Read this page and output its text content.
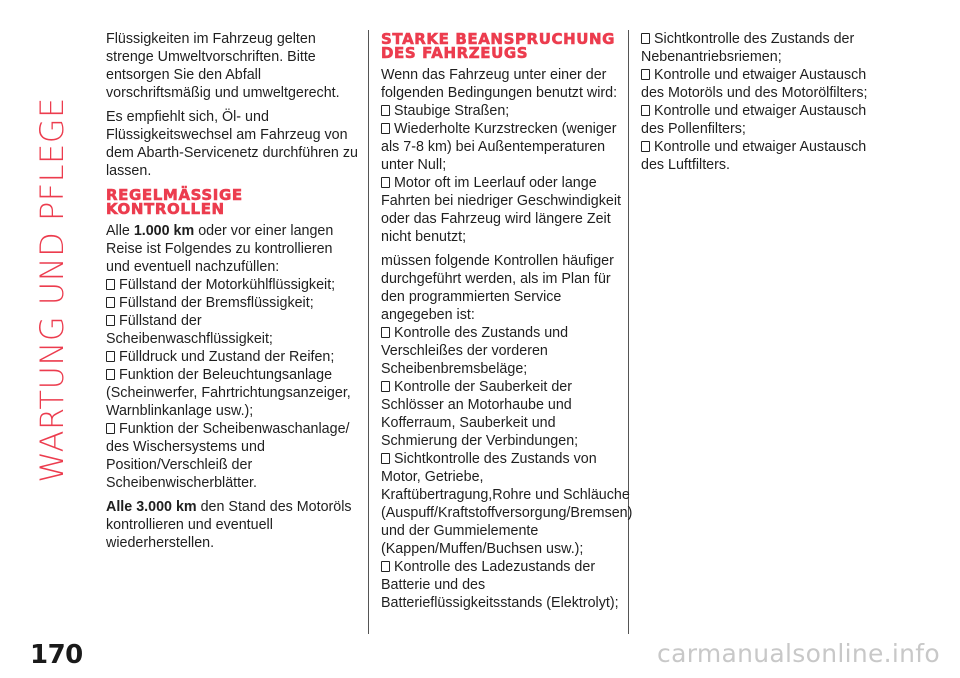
WARTUNG UND PFLEGE

Flüssigkeiten im Fahrzeug gelten strenge Umweltvorschriften. Bitte entsorgen Sie den Abfall vorschriftsmäßig und umweltgerecht.

Es empfiehlt sich, Öl- und Flüssigkeitswechsel am Fahrzeug von dem Abarth-Servicenetz durchführen zu lassen.

REGELMÄSSIGE KONTROLLEN

Alle 1.000 km oder vor einer langen Reise ist Folgendes zu kontrollieren und eventuell nachzufüllen:

Füllstand der Motorkühlflüssigkeit;
Füllstand der Bremsflüssigkeit;
Füllstand der Scheibenwaschflüssigkeit;
Fülldruck und Zustand der Reifen;
Funktion der Beleuchtungsanlage (Scheinwerfer, Fahrtrichtungsanzeiger, Warnblinkanlage usw.);
Funktion der Scheibenwaschanlage/ des Wischersystems und Position/Verschleiß der Scheibenwischerblätter.

Alle 3.000 km den Stand des Motoröls kontrollieren und eventuell wiederherstellen.

STARKE BEANSPRUCHUNG DES FAHRZEUGS
Wenn das Fahrzeug unter einer der folgenden Bedingungen benutzt wird:
Staubige Straßen;
Wiederholte Kurzstrecken (weniger als 7-8 km) bei Außentemperaturen unter Null;
Motor oft im Leerlauf oder lange Fahrten bei niedriger Geschwindigkeit oder das Fahrzeug wird längere Zeit nicht benutzt;
müssen folgende Kontrollen häufiger durchgeführt werden, als im Plan für den programmierten Service angegeben ist:
Kontrolle des Zustands und Verschleißes der vorderen Scheibenbremsbeläge;
Kontrolle der Sauberkeit der Schlösser an Motorhaube und Kofferraum, Sauberkeit und Schmierung der Verbindungen;
Sichtkontrolle des Zustands von Motor, Getriebe, Kraftübertragung,Rohre und Schläuche (Auspuff/Kraftstoffversorgung/Bremsen) und der Gummielemente (Kappen/Muffen/Buchsen usw.);
Kontrolle des Ladezustands der Batterie und des Batterieflüssigkeitsstands (Elektrolyt);
Sichtkontrolle des Zustands der Nebenantriebsriemen;
Kontrolle und etwaiger Austausch des Motoröls und des Motorölfilters;
Kontrolle und etwaiger Austausch des Pollenfilters;
Kontrolle und etwaiger Austausch des Luftfilters.
170	carmanualsonline.info
